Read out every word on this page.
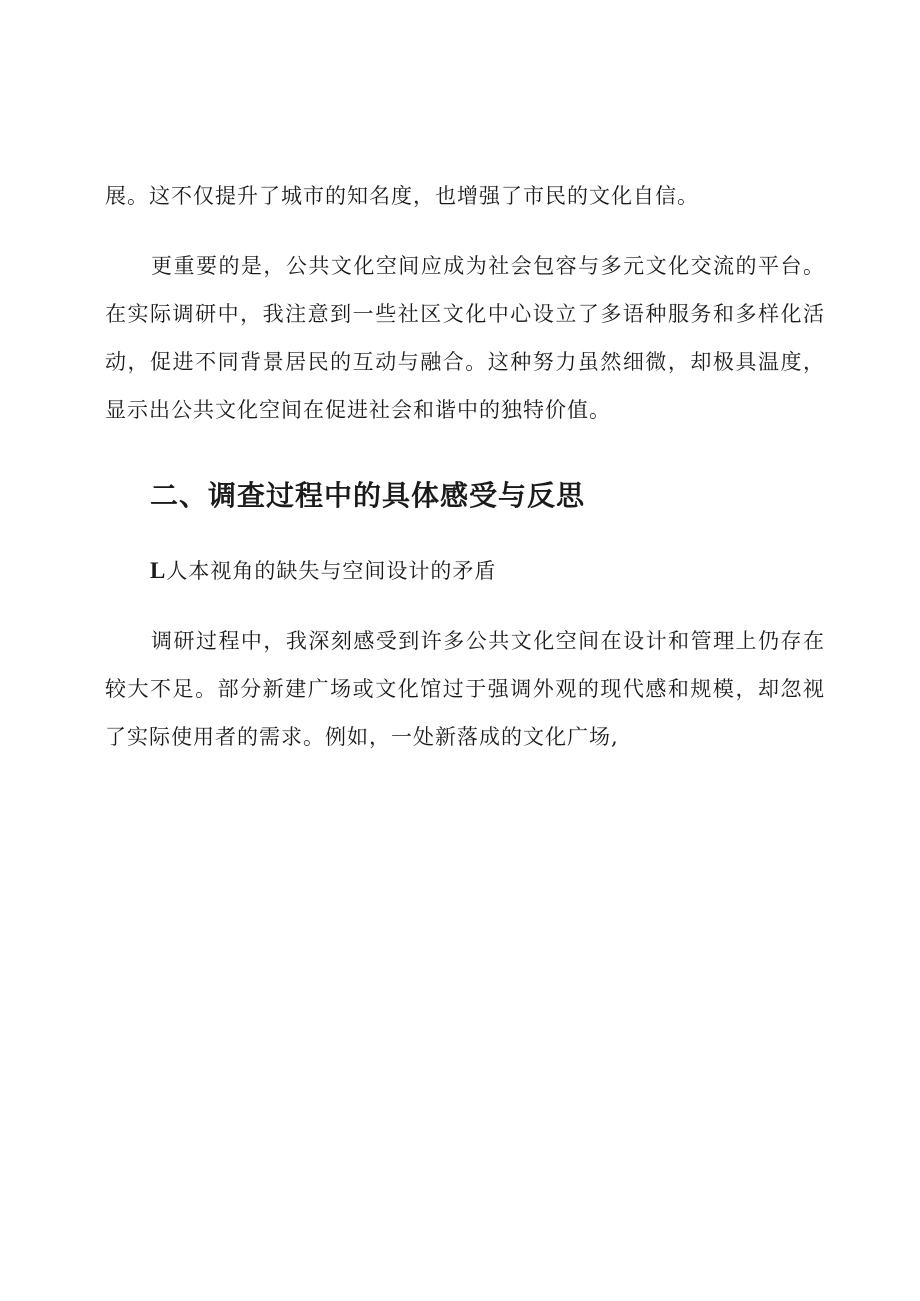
展。这不仅提升了城市的知名度，也增强了市民的文化自信。

更重要的是，公共文化空间应成为社会包容与多元文化交流的平台。在实际调研中，我注意到一些社区文化中心设立了多语种服务和多样化活动，促进不同背景居民的互动与融合。这种努力虽然细微，却极具温度，显示出公共文化空间在促进社会和谐中的独特价值。

二、调查过程中的具体感受与反思

L人本视角的缺失与空间设计的矛盾

调研过程中，我深刻感受到许多公共文化空间在设计和管理上仍存在较大不足。部分新建广场或文化馆过于强调外观的现代感和规模，却忽视了实际使用者的需求。例如，一处新落成的文化广场,
